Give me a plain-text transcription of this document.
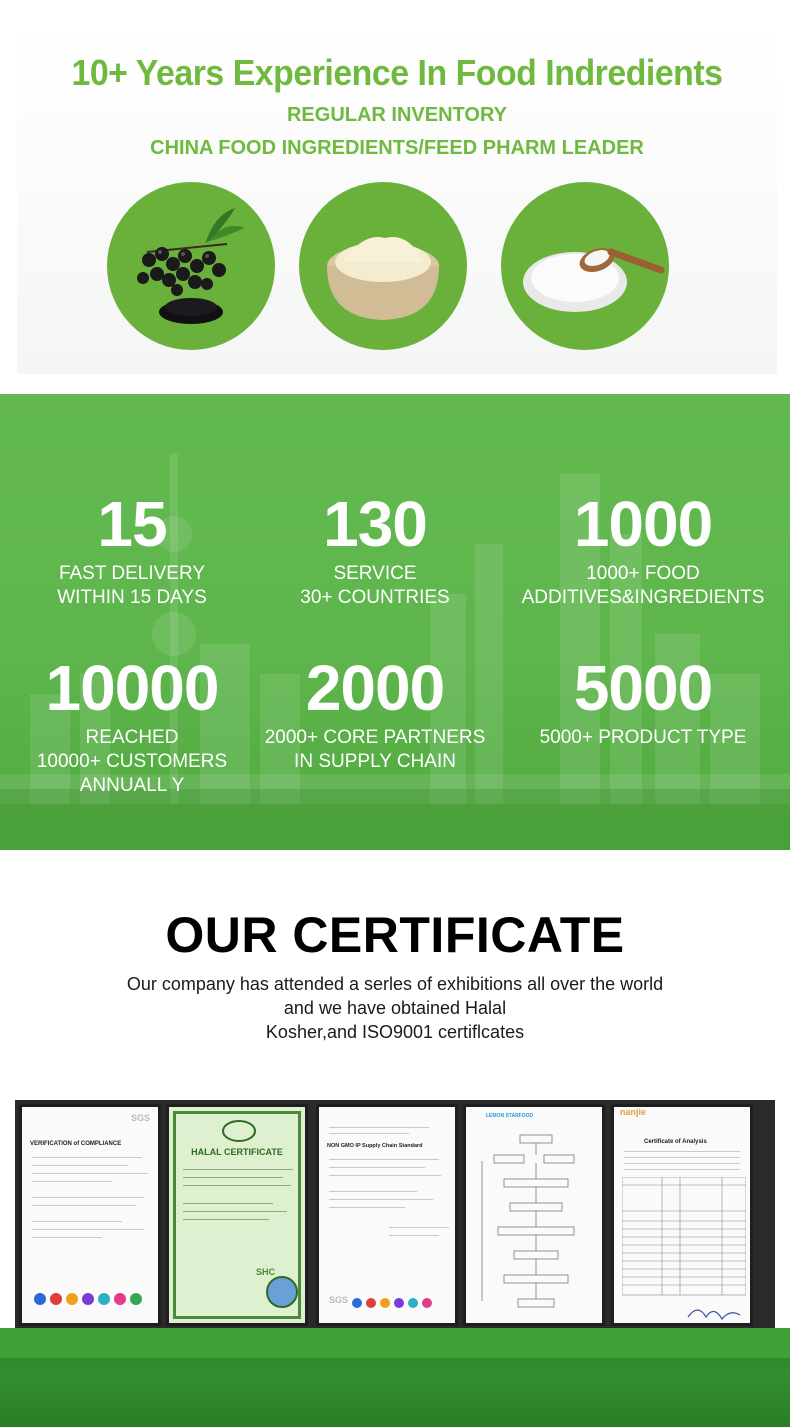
10+ Years Experience In Food Indredients
REGULAR INVENTORY
CHINA FOOD INGREDIENTS/FEED PHARM LEADER
15
FAST DELIVERY
WITHIN 15 DAYS
130
SERVICE
30+ COUNTRIES
1000
1000+ FOOD
ADDITIVES&INGREDIENTS
10000
REACHED
10000+ CUSTOMERS
ANNUALL Y
2000
2000+ CORE PARTNERS
IN SUPPLY CHAIN
5000
5000+ PRODUCT TYPE
OUR CERTIFICATE
Our company has attended a serles of exhibitions all over the world
and we have obtained Halal
Kosher,and ISO9001 certiflcates
SGS
VERIFICATION of COMPLIANCE
HALAL CERTIFICATE
SHC
NON GMO IP Supply Chain Standard
SGS
LEMON STARFOOD	nanjie
Certificate of Analysis
